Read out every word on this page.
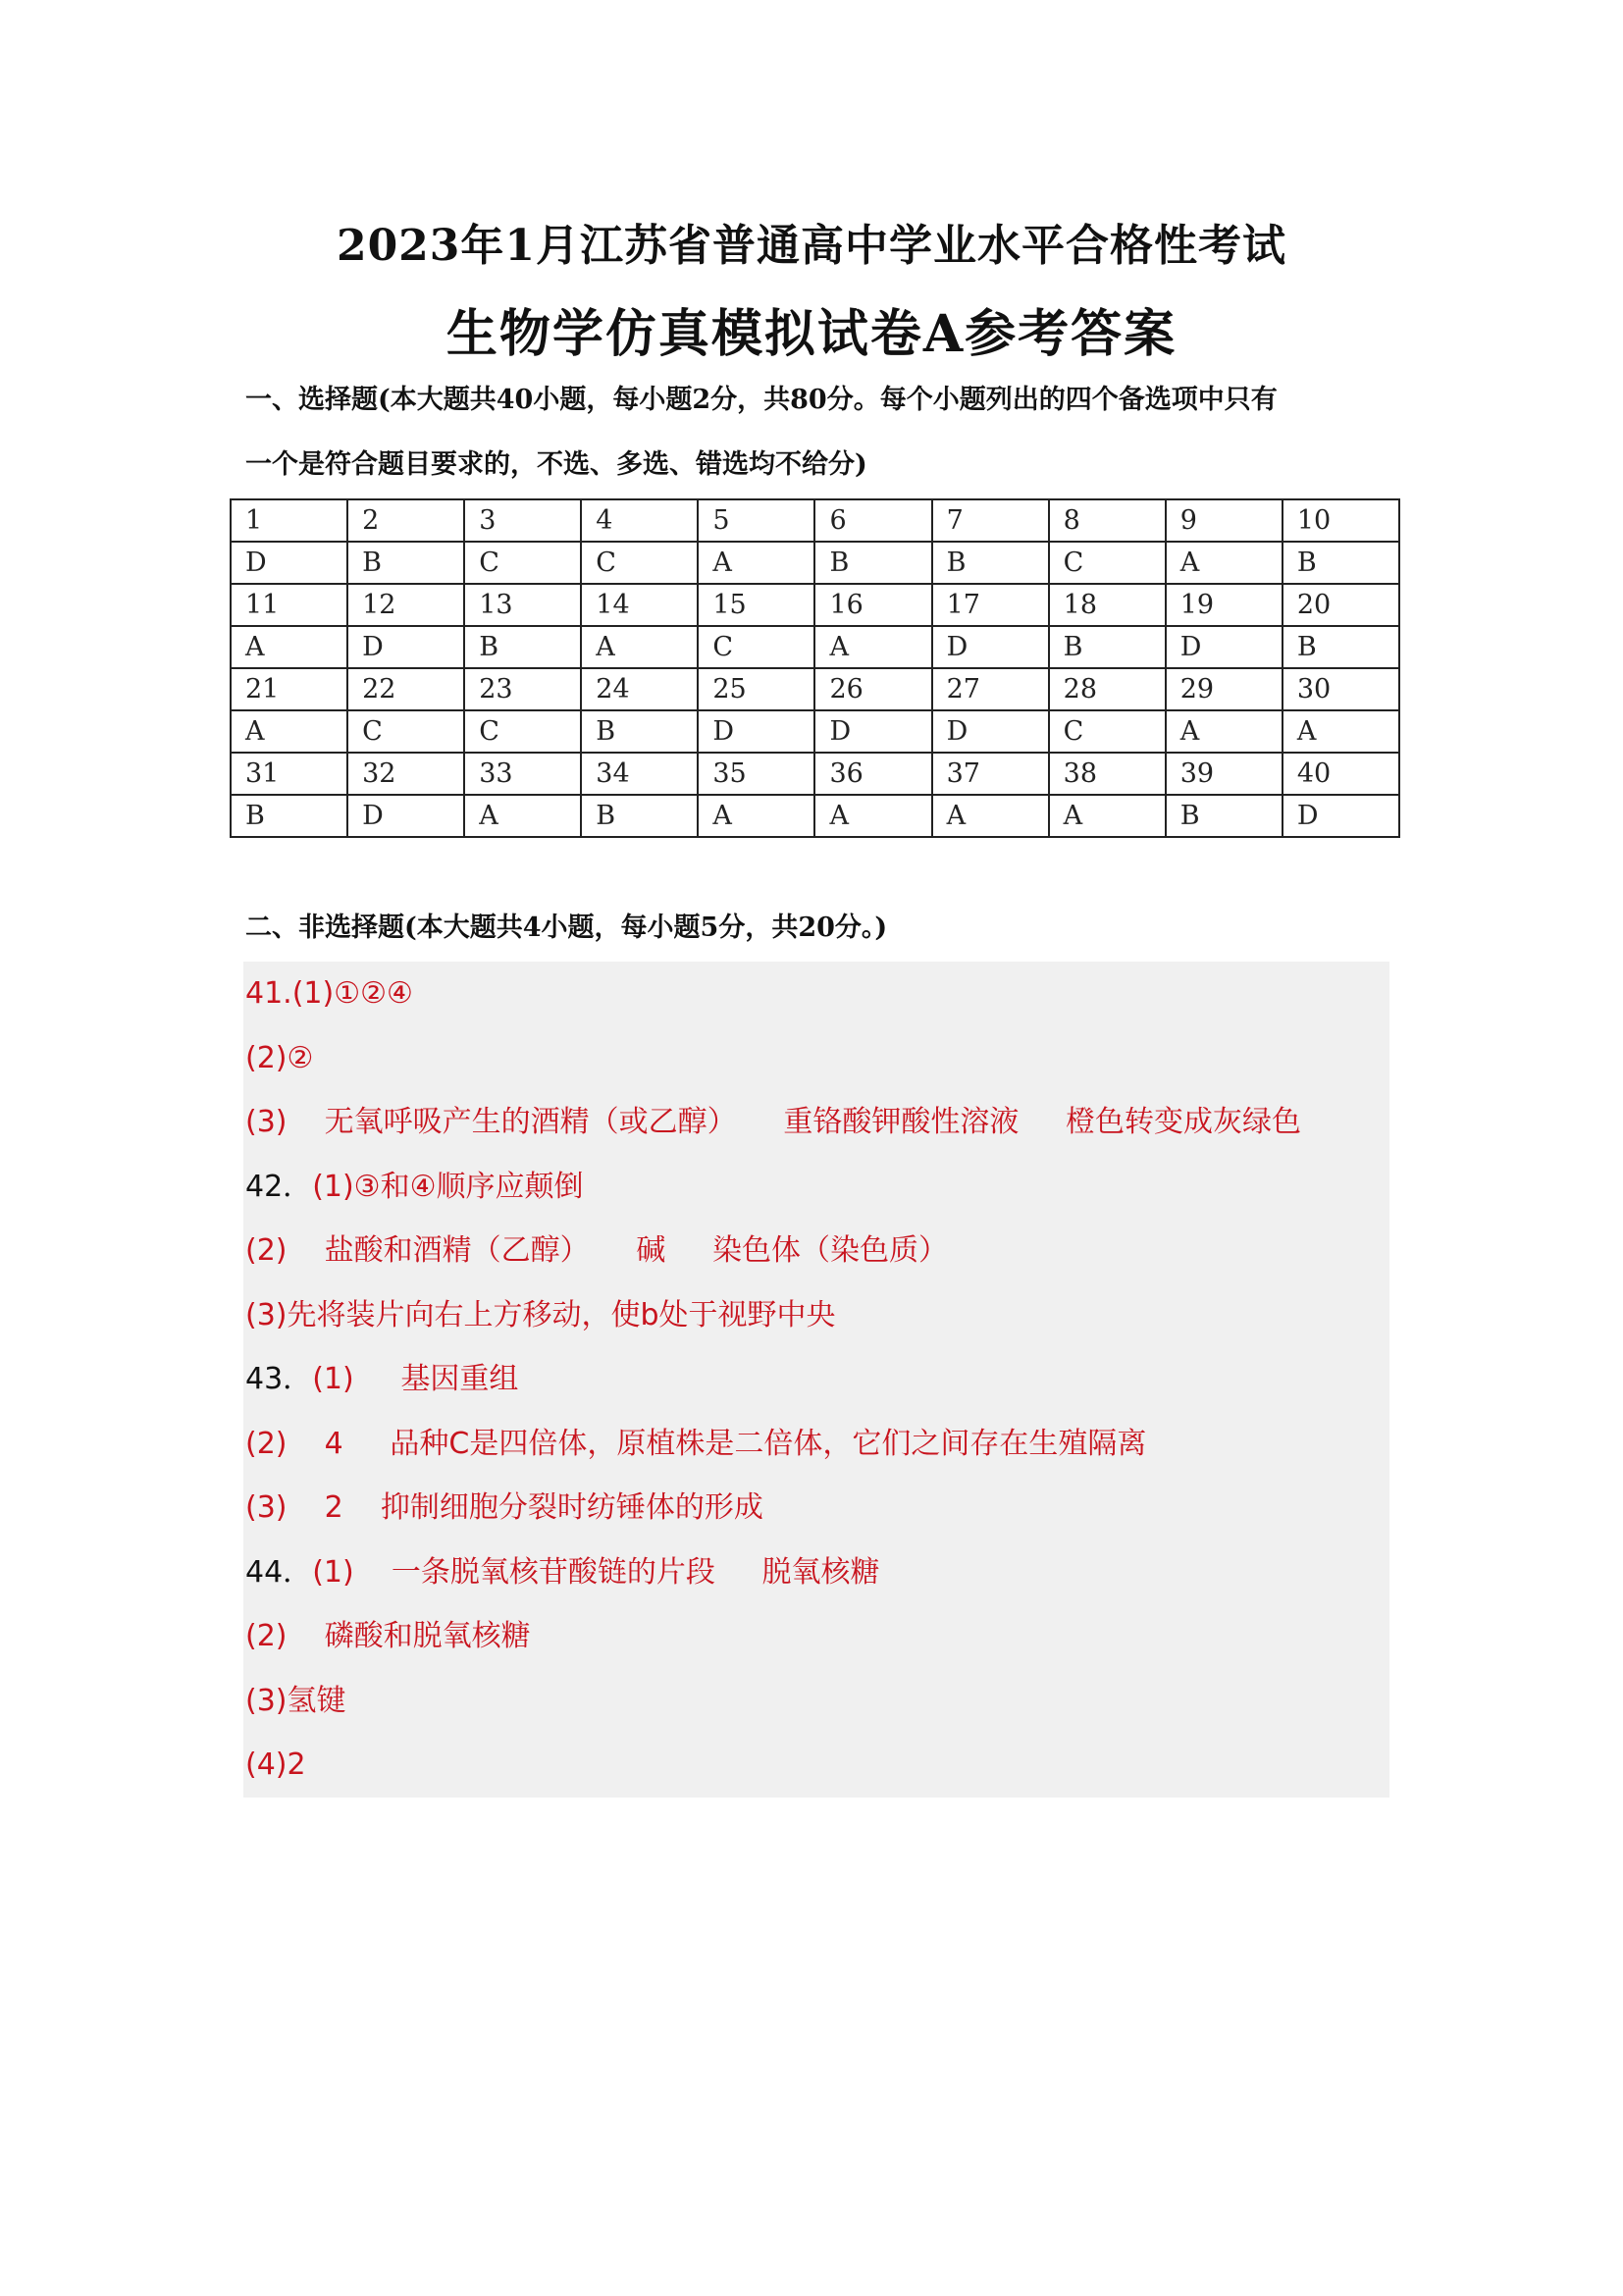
2023年1月江苏省普通高中学业水平合格性考试
生物学仿真模拟试卷A参考答案
一、选择题(本大题共40小题，每小题2分，共80分。每个小题列出的四个备选项中只有
一个是符合题目要求的，不选、多选、错选均不给分)
1	2	3	4	5	6	7	8	9	10
D	B	C	C	A	B	B	C	A	B
11	12	13	14	15	16	17	18	19	20
A	D	B	A	C	A	D	B	D	B
21	22	23	24	25	26	27	28	29	30
A	C	C	B	D	D	D	C	A	A
31	32	33	34	35	36	37	38	39	40
B	D	A	B	A	A	A	A	B	D
二、非选择题(本大题共4小题，每小题5分，共20分。)
41.(1)①②④
(2)②
(3)    无氧呼吸产生的酒精（或乙醇）     重铬酸钾酸性溶液     橙色转变成灰绿色
42．(1)③和④顺序应颠倒
(2)    盐酸和酒精（乙醇）     碱     染色体（染色质）
(3)先将装片向右上方移动，使b处于视野中央
43．(1)     基因重组
(2)    4     品种C是四倍体，原植株是二倍体，它们之间存在生殖隔离
(3)    2    抑制细胞分裂时纺锤体的形成
44．(1)    一条脱氧核苷酸链的片段     脱氧核糖
(2)    磷酸和脱氧核糖
(3)氢键
(4)2
